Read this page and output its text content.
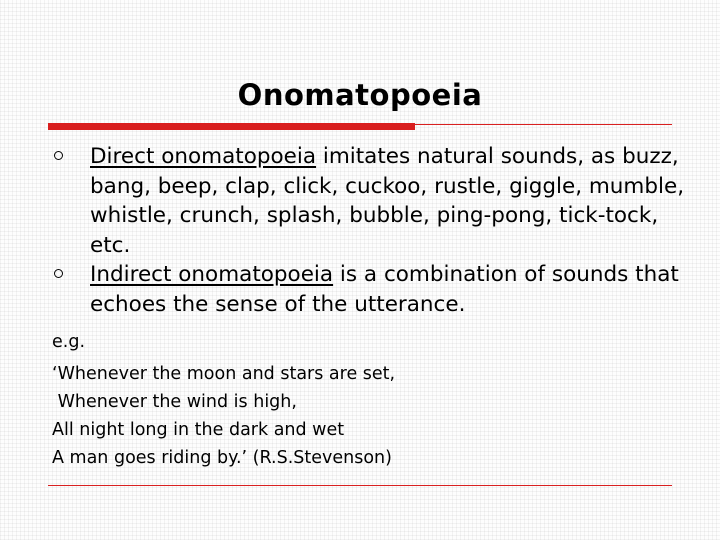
Onomatopoeia
Direct onomatopoeia imitates natural sounds, as buzz, bang, beep, clap, click, cuckoo, rustle, giggle, mumble, whistle, crunch, splash, bubble, ping-pong, tick-tock, etc.
Indirect onomatopoeia is a combination of sounds that echoes the sense of the utterance.
e.g.
‘Whenever the moon and stars are set,
Whenever the wind is high,
All night long in the dark and wet
A man goes riding by.’ (R.S.Stevenson)
